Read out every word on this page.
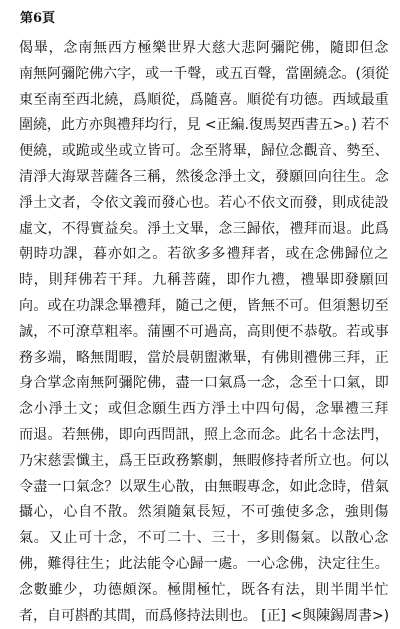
第6頁
偈畢，念南無西方極樂世界大慈大悲阿彌陀佛，隨即但念
南無阿彌陀佛六字，或一千聲，或五百聲，當圍繞念。(須從
東至南至西北繞，爲順從，爲隨喜。順從有功德。西域最重
圍繞，此方亦與禮拜均行，見 <正編.復馬契西書五>。) 若不
便繞，或跪或坐或立皆可。念至將畢，歸位念觀音、勢至、
清淨大海眾菩薩各三稱，然後念淨土文，發願回向往生。念
淨土文者，令依文義而發心也。若心不依文而發，則成徒設
虛文，不得實益矣。淨土文畢，念三歸依，禮拜而退。此爲
朝時功課，暮亦如之。若欲多多禮拜者，或在念佛歸位之
時，則拜佛若干拜。九稱菩薩，即作九禮，禮畢即發願回
向。或在功課念畢禮拜，隨己之便，皆無不可。但須懇切至
誠，不可潦草粗率。蒲團不可過高，高則便不恭敬。若或事
務多端，略無閒暇，當於晨朝盥漱畢，有佛則禮佛三拜，正
身合掌念南無阿彌陀佛，盡一口氣爲一念，念至十口氣，即
念小淨土文；或但念願生西方淨土中四句偈，念畢禮三拜
而退。若無佛，即向西問訊，照上念而念。此名十念法門，
乃宋慈雲懺主，爲王臣政務繁劇，無暇修持者所立也。何以
令盡一口氣念？以眾生心散，由無暇專念，如此念時，借氣
攝心，心自不散。然須隨氣長短，不可強使多念，強則傷
氣。又止可十念，不可二十、三十，多則傷氣。以散心念
佛，難得往生；此法能令心歸一處。一心念佛，決定往生。
念數雖少，功德頗深。極閒極忙，既各有法，則半閒半忙
者，自可斟酌其間，而爲修持法則也。 [正] <與陳錫周書>)
